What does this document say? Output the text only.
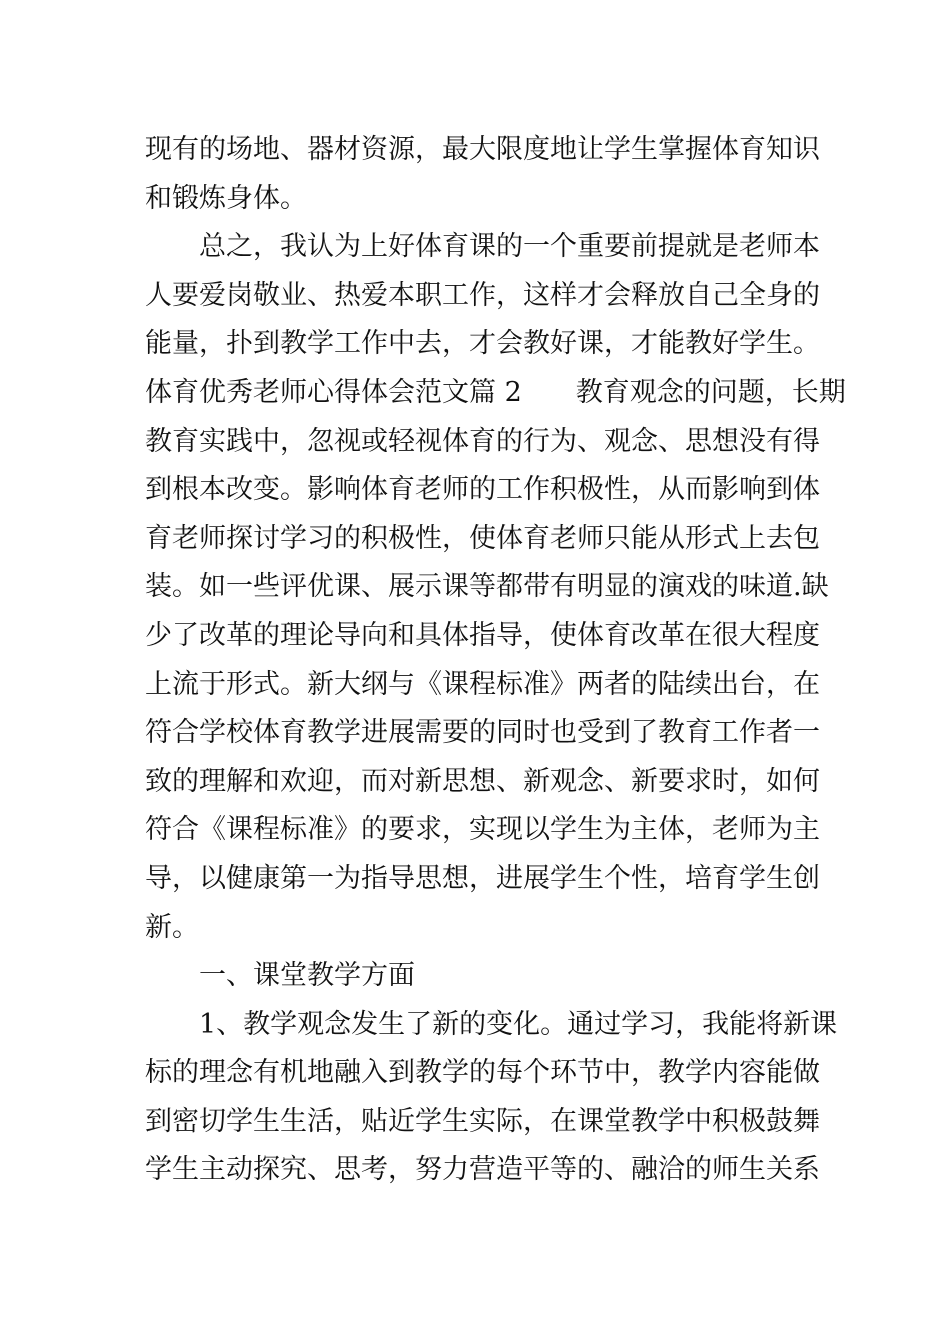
现有的场地、器材资源，最大限度地让学生掌握体育知识
和锻炼身体。
总之，我认为上好体育课的一个重要前提就是老师本
人要爱岗敬业、热爱本职工作，这样才会释放自己全身的
能量，扑到教学工作中去，才会教好课，才能教好学生。
体育优秀老师心得体会范文篇 2　　教育观念的问题，长期
教育实践中，忽视或轻视体育的行为、观念、思想没有得
到根本改变。影响体育老师的工作积极性，从而影响到体
育老师探讨学习的积极性，使体育老师只能从形式上去包
装。如一些评优课、展示课等都带有明显的演戏的味道.缺
少了改革的理论导向和具体指导，使体育改革在很大程度
上流于形式。新大纲与《课程标准》两者的陆续出台，在
符合学校体育教学进展需要的同时也受到了教育工作者一
致的理解和欢迎，而对新思想、新观念、新要求时，如何
符合《课程标准》的要求，实现以学生为主体，老师为主
导，以健康第一为指导思想，进展学生个性，培育学生创
新。
一、课堂教学方面
1、教学观念发生了新的变化。通过学习，我能将新课
标的理念有机地融入到教学的每个环节中，教学内容能做
到密切学生生活，贴近学生实际，在课堂教学中积极鼓舞
学生主动探究、思考，努力营造平等的、融洽的师生关系
